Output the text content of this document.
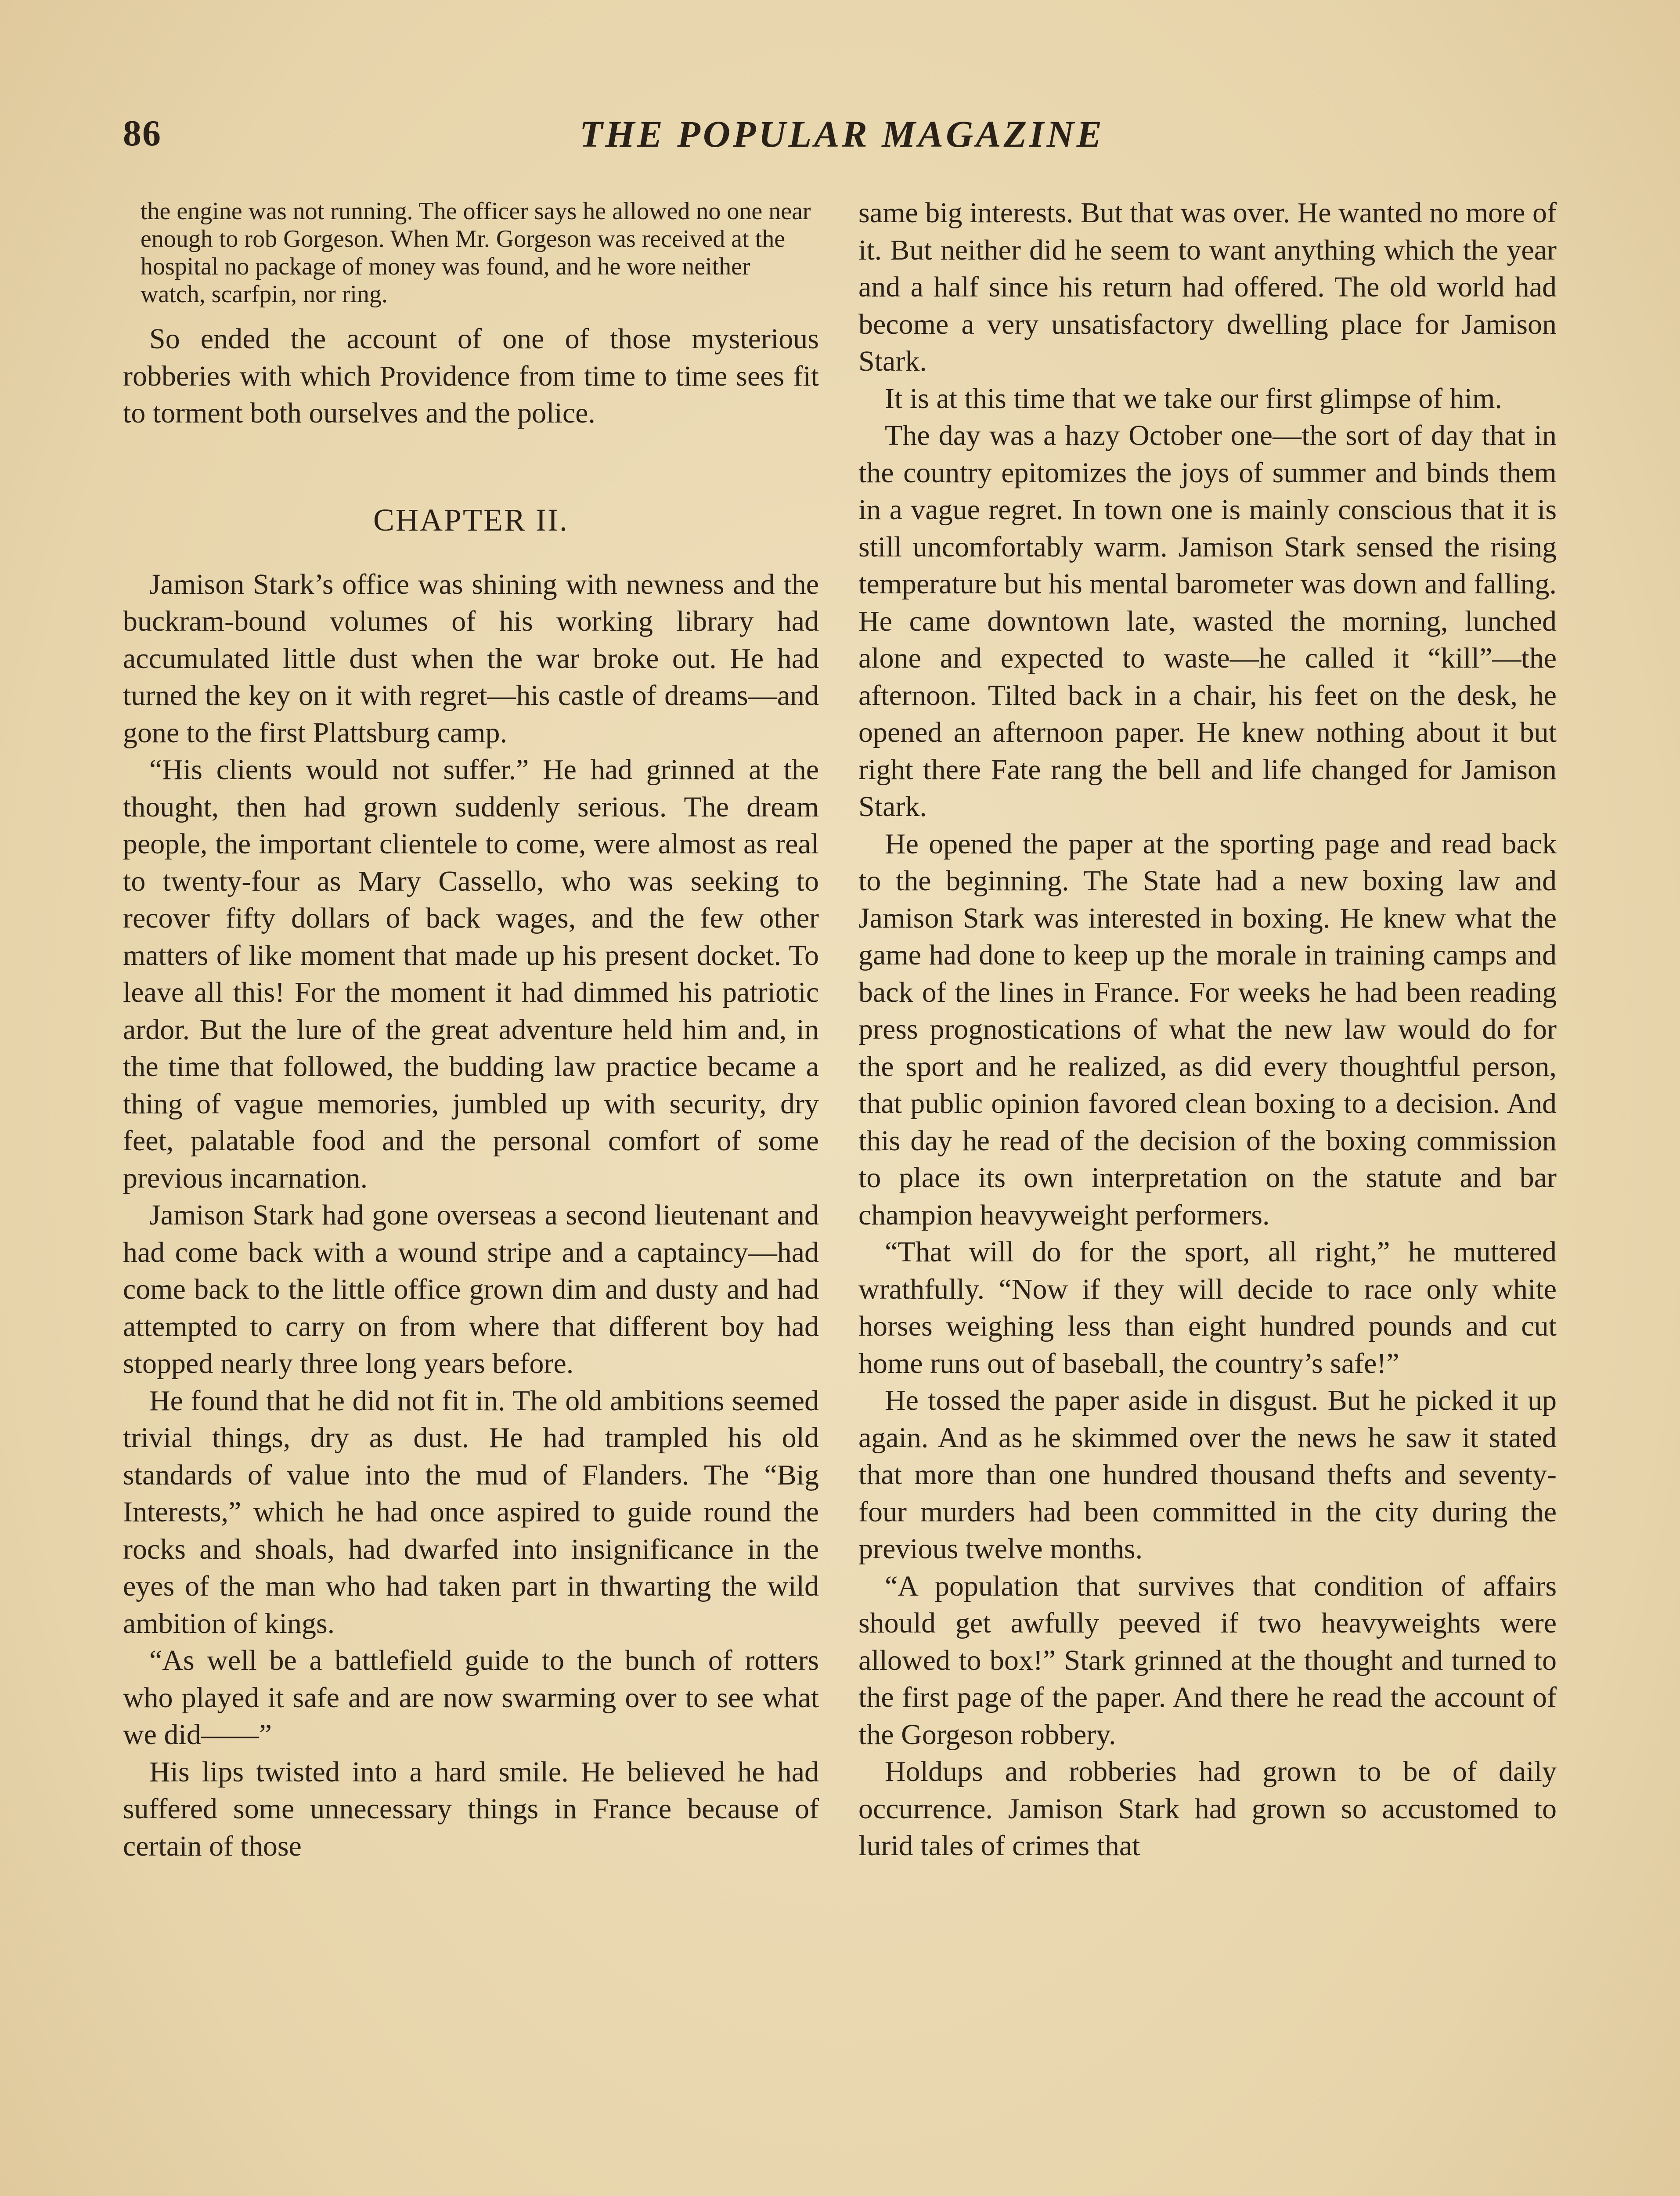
86	THE POPULAR MAGAZINE

the engine was not running. The officer says he allowed no one near enough to rob Gorgeson. When Mr. Gorgeson was received at the hospital no package of money was found, and he wore neither watch, scarfpin, nor ring.

So ended the account of one of those mysterious robberies with which Providence from time to time sees fit to torment both ourselves and the police.

CHAPTER II.

Jamison Stark’s office was shining with newness and the buckram-bound volumes of his working library had accumulated little dust when the war broke out. He had turned the key on it with regret—his castle of dreams—and gone to the first Plattsburg camp.

“His clients would not suffer.” He had grinned at the thought, then had grown suddenly serious. The dream people, the important clientele to come, were almost as real to twenty-four as Mary Cassello, who was seeking to recover fifty dollars of back wages, and the few other matters of like moment that made up his present docket. To leave all this! For the moment it had dimmed his patriotic ardor. But the lure of the great adventure held him and, in the time that followed, the budding law practice became a thing of vague memories, jumbled up with security, dry feet, palatable food and the personal comfort of some previous incarnation.

Jamison Stark had gone overseas a second lieutenant and had come back with a wound stripe and a captaincy—had come back to the little office grown dim and dusty and had attempted to carry on from where that different boy had stopped nearly three long years before.

He found that he did not fit in. The old ambitions seemed trivial things, dry as dust. He had trampled his old standards of value into the mud of Flanders. The “Big Interests,” which he had once aspired to guide round the rocks and shoals, had dwarfed into insignificance in the eyes of the man who had taken part in thwarting the wild ambition of kings.

“As well be a battlefield guide to the bunch of rotters who played it safe and are now swarming over to see what we did——”

His lips twisted into a hard smile. He believed he had suffered some unnecessary things in France because of certain of those

same big interests. But that was over. He wanted no more of it. But neither did he seem to want anything which the year and a half since his return had offered. The old world had become a very unsatisfactory dwelling place for Jamison Stark.

It is at this time that we take our first glimpse of him.

The day was a hazy October one—the sort of day that in the country epitomizes the joys of summer and binds them in a vague regret. In town one is mainly conscious that it is still uncomfortably warm. Jamison Stark sensed the rising temperature but his mental barometer was down and falling. He came downtown late, wasted the morning, lunched alone and expected to waste—he called it “kill”—the afternoon. Tilted back in a chair, his feet on the desk, he opened an afternoon paper. He knew nothing about it but right there Fate rang the bell and life changed for Jamison Stark.

He opened the paper at the sporting page and read back to the beginning. The State had a new boxing law and Jamison Stark was interested in boxing. He knew what the game had done to keep up the morale in training camps and back of the lines in France. For weeks he had been reading press prognostications of what the new law would do for the sport and he realized, as did every thoughtful person, that public opinion favored clean boxing to a decision. And this day he read of the decision of the boxing commission to place its own interpretation on the statute and bar champion heavyweight performers.

“That will do for the sport, all right,” he muttered wrathfully. “Now if they will decide to race only white horses weighing less than eight hundred pounds and cut home runs out of baseball, the country’s safe!”

He tossed the paper aside in disgust. But he picked it up again. And as he skimmed over the news he saw it stated that more than one hundred thousand thefts and seventy-four murders had been committed in the city during the previous twelve months.

“A population that survives that condition of affairs should get awfully peeved if two heavyweights were allowed to box!” Stark grinned at the thought and turned to the first page of the paper. And there he read the account of the Gorgeson robbery.

Holdups and robberies had grown to be of daily occurrence. Jamison Stark had grown so accustomed to lurid tales of crimes that
